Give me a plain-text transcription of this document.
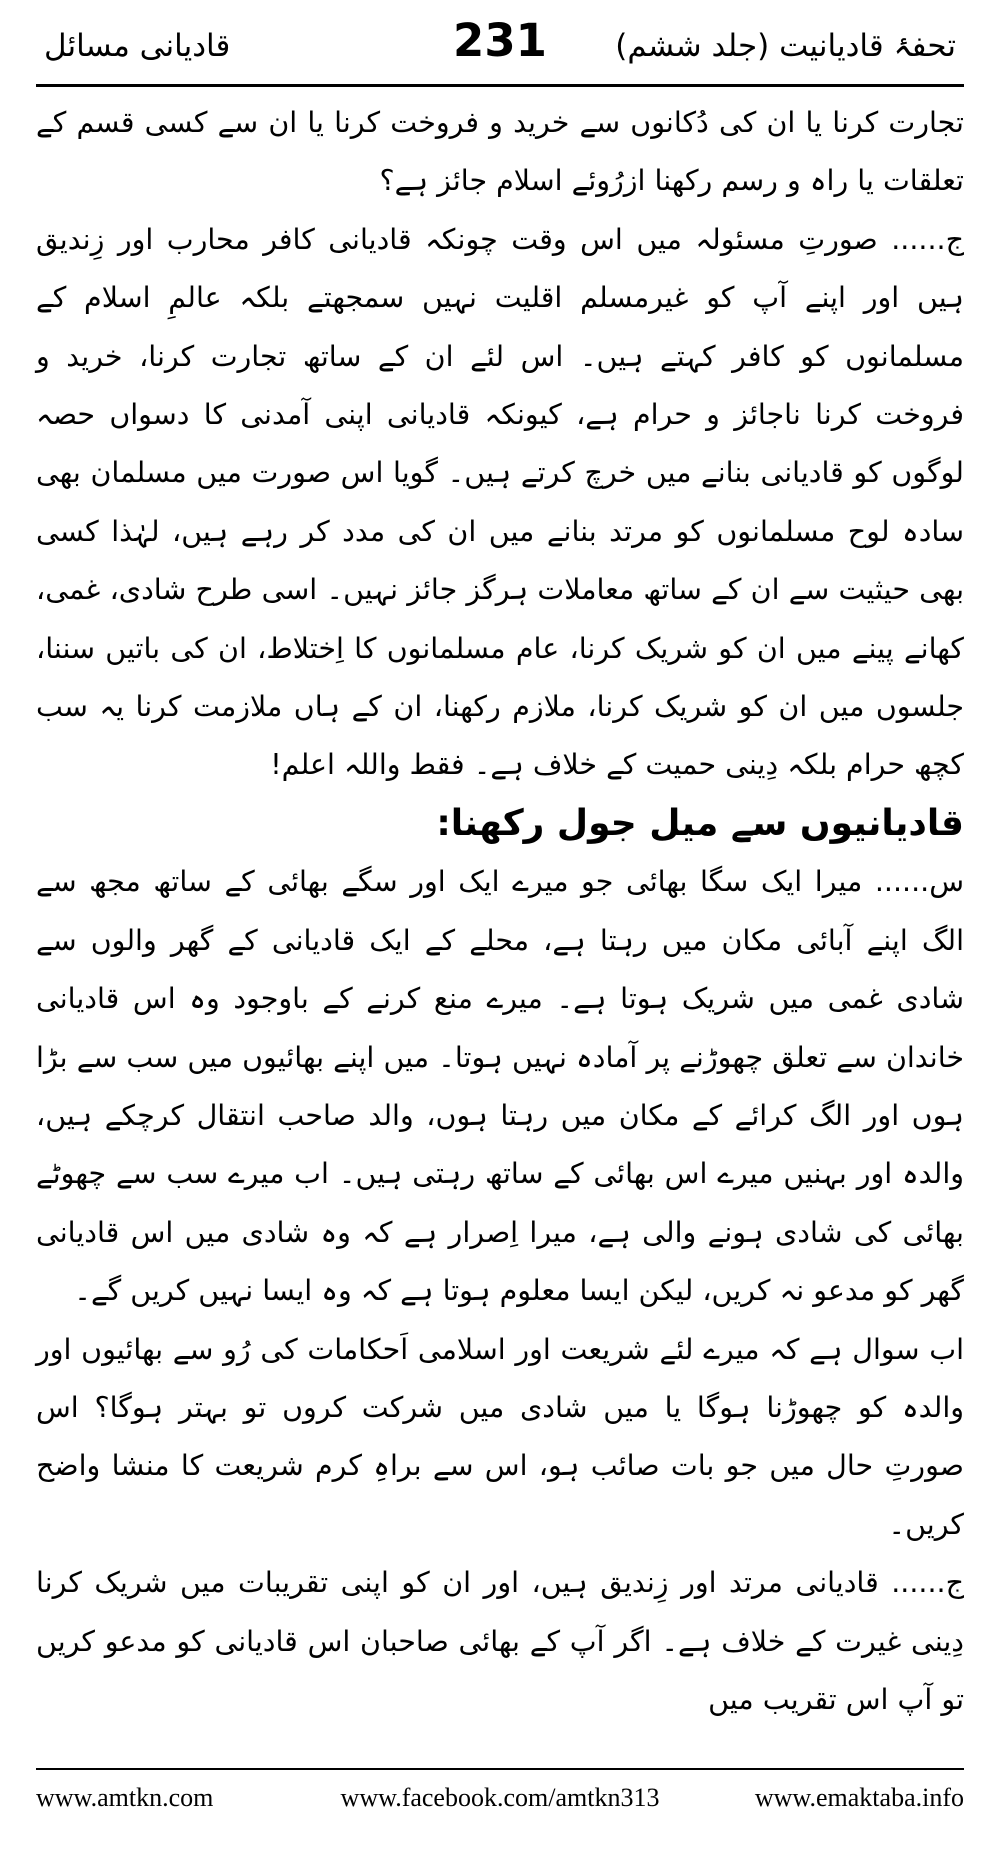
قادیانی مسائل	231	تحفۂ قادیانیت (جلد ششم)

تجارت کرنا یا ان کی دُکانوں سے خرید و فروخت کرنا یا ان سے کسی قسم کے تعلقات یا راہ و رسم رکھنا ازرُوئے اسلام جائز ہے؟

ج...... صورتِ مسئولہ میں اس وقت چونکہ قادیانی کافر محارب اور زِندیق ہیں اور اپنے آپ کو غیرمسلم اقلیت نہیں سمجھتے بلکہ عالمِ اسلام کے مسلمانوں کو کافر کہتے ہیں۔ اس لئے ان کے ساتھ تجارت کرنا، خرید و فروخت کرنا ناجائز و حرام ہے، کیونکہ قادیانی اپنی آمدنی کا دسواں حصہ لوگوں کو قادیانی بنانے میں خرچ کرتے ہیں۔ گویا اس صورت میں مسلمان بھی سادہ لوح مسلمانوں کو مرتد بنانے میں ان کی مدد کر رہے ہیں، لہٰذا کسی بھی حیثیت سے ان کے ساتھ معاملات ہرگز جائز نہیں۔ اسی طرح شادی، غمی، کھانے پینے میں ان کو شریک کرنا، عام مسلمانوں کا اِختلاط، ان کی باتیں سننا، جلسوں میں ان کو شریک کرنا، ملازم رکھنا، ان کے ہاں ملازمت کرنا یہ سب کچھ حرام بلکہ دِینی حمیت کے خلاف ہے۔ فقط واللہ اعلم!

قادیانیوں سے میل جول رکھنا:

س...... میرا ایک سگا بھائی جو میرے ایک اور سگے بھائی کے ساتھ مجھ سے الگ اپنے آبائی مکان میں رہتا ہے، محلے کے ایک قادیانی کے گھر والوں سے شادی غمی میں شریک ہوتا ہے۔ میرے منع کرنے کے باوجود وہ اس قادیانی خاندان سے تعلق چھوڑنے پر آمادہ نہیں ہوتا۔ میں اپنے بھائیوں میں سب سے بڑا ہوں اور الگ کرائے کے مکان میں رہتا ہوں، والد صاحب انتقال کرچکے ہیں، والدہ اور بہنیں میرے اس بھائی کے ساتھ رہتی ہیں۔ اب میرے سب سے چھوٹے بھائی کی شادی ہونے والی ہے، میرا اِصرار ہے کہ وہ شادی میں اس قادیانی گھر کو مدعو نہ کریں، لیکن ایسا معلوم ہوتا ہے کہ وہ ایسا نہیں کریں گے۔

اب سوال ہے کہ میرے لئے شریعت اور اسلامی اَحکامات کی رُو سے بھائیوں اور والدہ کو چھوڑنا ہوگا یا میں شادی میں شرکت کروں تو بہتر ہوگا؟ اس صورتِ حال میں جو بات صائب ہو، اس سے براہِ کرم شریعت کا منشا واضح کریں۔

ج...... قادیانی مرتد اور زِندیق ہیں، اور ان کو اپنی تقریبات میں شریک کرنا دِینی غیرت کے خلاف ہے۔ اگر آپ کے بھائی صاحبان اس قادیانی کو مدعو کریں تو آپ اس تقریب میں

www.amtkn.com	www.facebook.com/amtkn313	www.emaktaba.info
